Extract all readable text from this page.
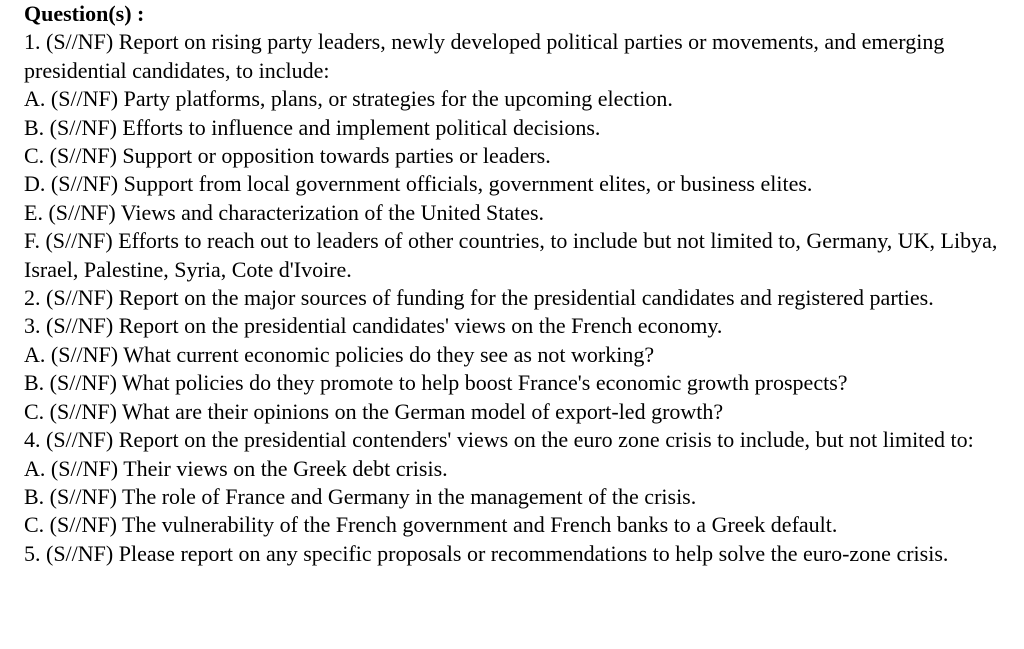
Question(s) :
1. (S//NF) Report on rising party leaders, newly developed political parties or movements, and emerging presidential candidates, to include:
A. (S//NF) Party platforms, plans, or strategies for the upcoming election.
B. (S//NF) Efforts to influence and implement political decisions.
C. (S//NF) Support or opposition towards parties or leaders.
D. (S//NF) Support from local government officials, government elites, or business elites.
E. (S//NF) Views and characterization of the United States.
F. (S//NF) Efforts to reach out to leaders of other countries, to include but not limited to, Germany, UK, Libya, Israel, Palestine, Syria, Cote d'Ivoire.
2. (S//NF) Report on the major sources of funding for the presidential candidates and registered parties.
3. (S//NF) Report on the presidential candidates' views on the French economy.
A. (S//NF) What current economic policies do they see as not working?
B. (S//NF) What policies do they promote to help boost France's economic growth prospects?
C. (S//NF) What are their opinions on the German model of export-led growth?
4. (S//NF) Report on the presidential contenders' views on the euro zone crisis to include, but not limited to:
A. (S//NF) Their views on the Greek debt crisis.
B. (S//NF) The role of France and Germany in the management of the crisis.
C. (S//NF) The vulnerability of the French government and French banks to a Greek default.
5. (S//NF) Please report on any specific proposals or recommendations to help solve the euro-zone crisis.
